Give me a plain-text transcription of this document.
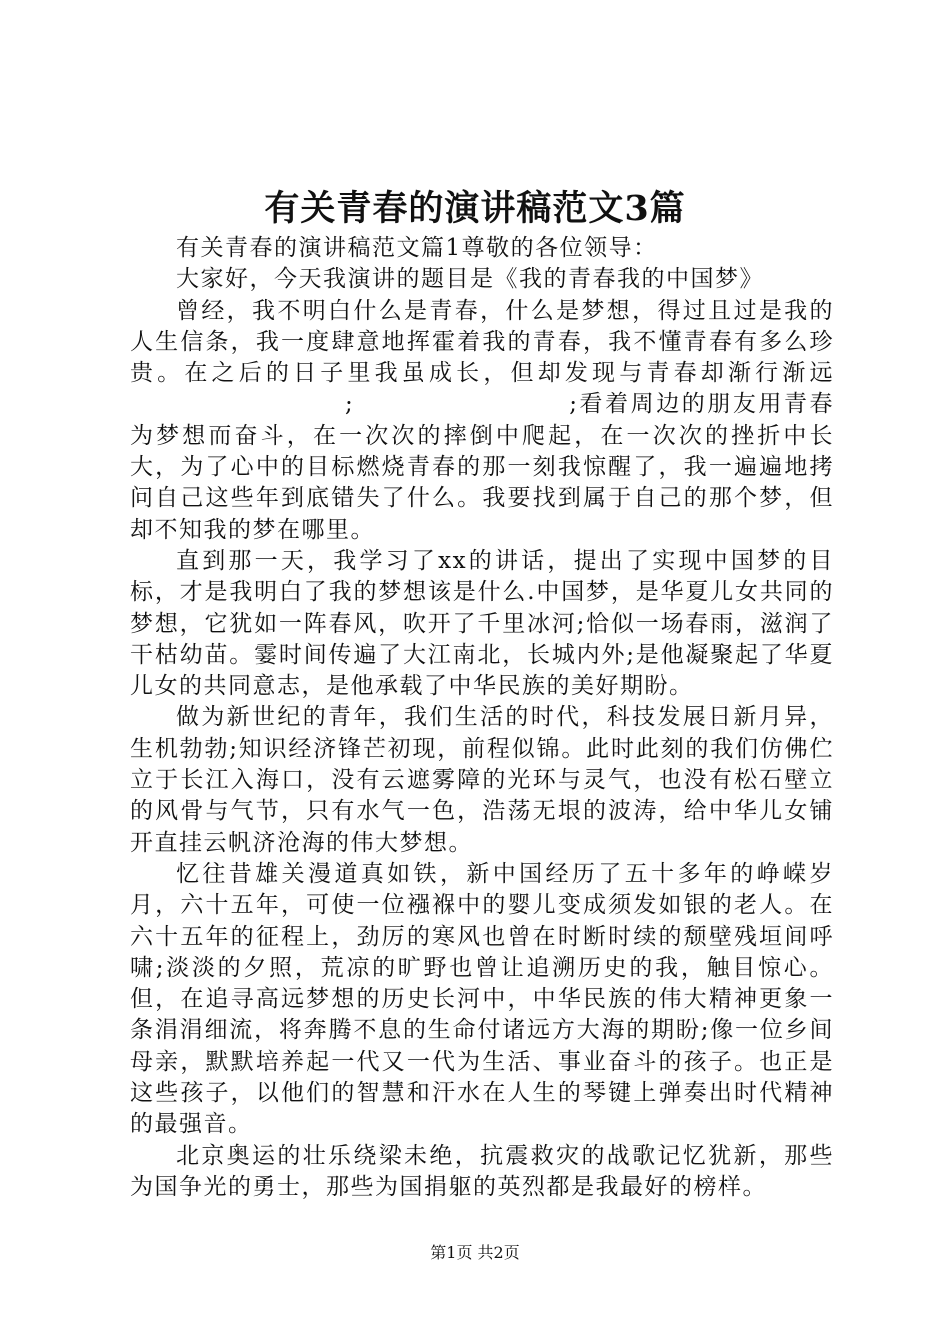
有关青春的演讲稿范文3篇

有关青春的演讲稿范文篇1尊敬的各位领导：

大家好，今天我演讲的题目是《我的青春我的中国梦》

曾经，我不明白什么是青春，什么是梦想，得过且过是我的人生信条，我一度肆意地挥霍着我的青春，我不懂青春有多么珍贵。在之后的日子里我虽成长，但却发现与青春却渐行渐远;	;看着周边的朋友用青春为梦想而奋斗，在一次次的摔倒中爬起，在一次次的挫折中长大，为了心中的目标燃烧青春的那一刻我惊醒了，我一遍遍地拷问自己这些年到底错失了什么。我要找到属于自己的那个梦，但却不知我的梦在哪里。

直到那一天，我学习了xx的讲话，提出了实现中国梦的目标，才是我明白了我的梦想该是什么.中国梦，是华夏儿女共同的梦想，它犹如一阵春风，吹开了千里冰河;恰似一场春雨，滋润了干枯幼苗。霎时间传遍了大江南北，长城内外;是他凝聚起了华夏儿女的共同意志，是他承载了中华民族的美好期盼。

做为新世纪的青年，我们生活的时代，科技发展日新月异，生机勃勃;知识经济锋芒初现，前程似锦。此时此刻的我们仿佛伫立于长江入海口，没有云遮雾障的光环与灵气，也没有松石壁立的风骨与气节，只有水气一色，浩荡无垠的波涛，给中华儿女铺开直挂云帆济沧海的伟大梦想。

忆往昔雄关漫道真如铁，新中国经历了五十多年的峥嵘岁月，六十五年，可使一位襁褓中的婴儿变成须发如银的老人。在六十五年的征程上，劲厉的寒风也曾在时断时续的颓壁残垣间呼啸;淡淡的夕照，荒凉的旷野也曾让追溯历史的我，触目惊心。但，在追寻高远梦想的历史长河中，中华民族的伟大精神更象一条涓涓细流，将奔腾不息的生命付诸远方大海的期盼;像一位乡间母亲，默默培养起一代又一代为生活、事业奋斗的孩子。也正是这些孩子，以他们的智慧和汗水在人生的琴键上弹奏出时代精神的最强音。

北京奥运的壮乐绕梁未绝，抗震救灾的战歌记忆犹新，那些为国争光的勇士，那些为国捐躯的英烈都是我最好的榜样。

第1页 共2页
